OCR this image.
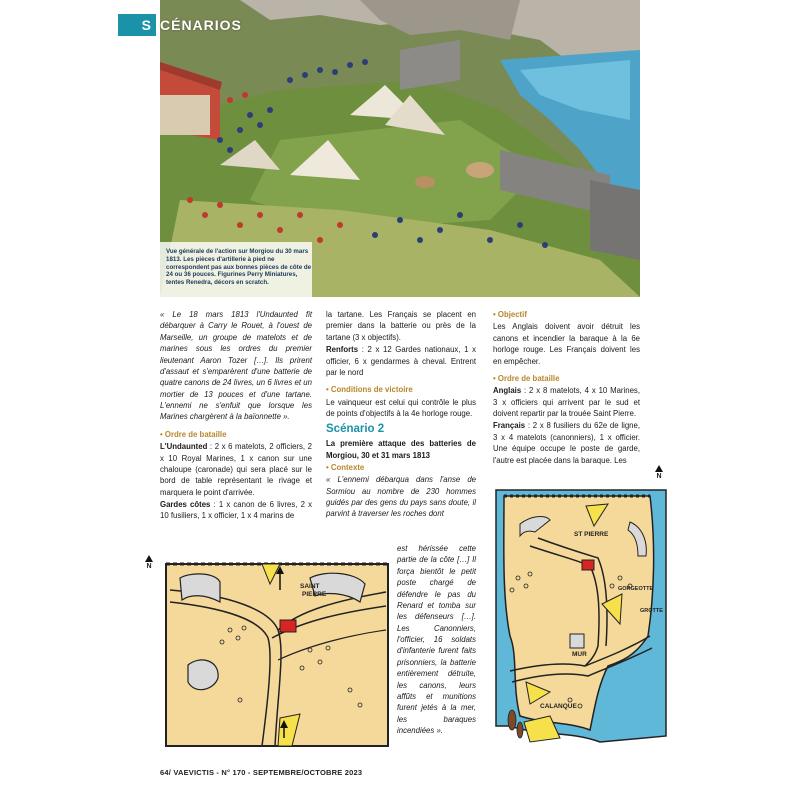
S CÉNARIOS
Vue générale de l'action sur Morgiou du 30 mars 1813. Les pièces d'artillerie à pied ne correspondent pas aux bonnes pièces de côte de 24 ou 36 pouces. Figurines Perry Miniatures, tentes Renedra, décors en scratch.

« Le 18 mars 1813 l'Undaunted fit débarquer à Carry le Rouet, à l'ouest de Marseille, un groupe de matelots et de marines sous les ordres du premier lieutenant Aaron Tozer […]. Ils prirent d'assaut et s'emparèrent d'une batterie de quatre canons de 24 livres, un 6 livres et un mortier de 13 pouces et d'une tartane. L'ennemi ne s'enfuit que lorsque les Marines chargèrent à la baïonnette ».

• Ordre de bataille

L'Undaunted : 2 x 6 matelots, 2 officiers, 2 x 10 Royal Marines, 1 x canon sur une chaloupe (caronade) qui sera placé sur le bord de table représentant le rivage et marquera le point d'arrivée.

Gardes côtes : 1 x canon de 6 livres, 2 x 10 fusiliers, 1 x officier, 1 x 4 marins de

la tartane. Les Français se placent en premier dans la batterie ou près de la tartane (3 x objectifs).

Renforts : 2 x 12 Gardes nationaux, 1 x officier, 6 x gendarmes à cheval. Entrent par le nord

• Conditions de victoire

Le vainqueur est celui qui contrôle le plus de points d'objectifs à la 4e horloge rouge.

Scénario 2

La première attaque des batteries de Morgiou, 30 et 31 mars 1813

• Contexte

« L'ennemi débarqua dans l'anse de Sormiou au nombre de 230 hommes guidés par des gens du pays sans doute, il parvint à traverser les roches dont

est hérissée cette partie de la côte […] Il força bientôt le petit poste chargé de défendre le pas du Renard et tomba sur les défenseurs […]. Les Canonniers, l'officier, 16 soldats d'infanterie furent faits prisonniers, la batterie entièrement détruite, les canons, leurs affûts et munitions furent jetés à la mer, les baraques incendiées ».

• Objectif

Les Anglais doivent avoir détruit les canons et incendier la baraque à la 6e horloge rouge. Les Français doivent les en empêcher.

• Ordre de bataille

Anglais : 2 x 8 matelots, 4 x 10 Marines, 3 x officiers qui arrivent par le sud et doivent repartir par la trouée Saint Pierre.

Français : 2 x 8 fusiliers du 62e de ligne, 3 x 4 matelots (canonniers), 1 x officier. Une équipe occupe le poste de garde, l'autre est placée dans la baraque. Les

N
SAINT
PIERRE
N
ST PIERRE
GORGEOTTE
GROTTE
MUR
CALANQUE
64/ VAEVICTIS - N° 170 - SEPTEMBRE/OCTOBRE 2023
